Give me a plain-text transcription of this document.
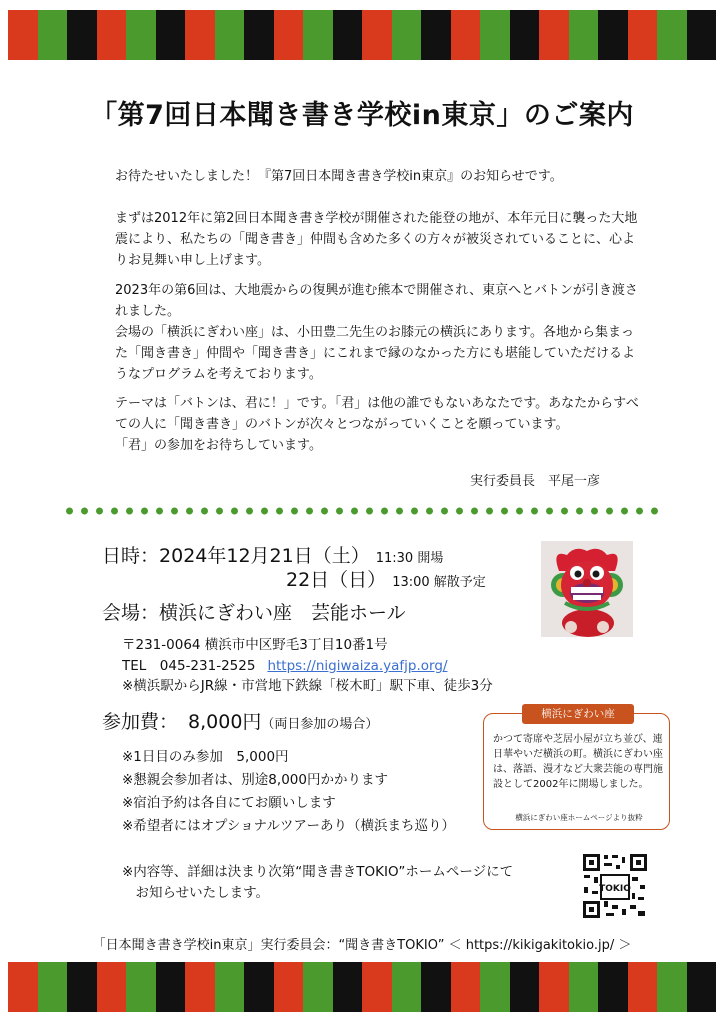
「第7回日本聞き書き学校in東京」のご案内
お待たせいたしました！『第7回日本聞き書き学校in東京』のお知らせです。
まずは2012年に第2回日本聞き書き学校が開催された能登の地が、本年元日に襲った大地震により、私たちの「聞き書き」仲間も含めた多くの方々が被災されていることに、心よりお見舞い申し上げます。
2023年の第6回は、大地震からの復興が進む熊本で開催され、東京へとバトンが引き渡されました。
会場の「横浜にぎわい座」は、小田豊二先生のお膝元の横浜にあります。各地から集まった「聞き書き」仲間や「聞き書き」にこれまで縁のなかった方にも堪能していただけるようなプログラムを考えております。
テーマは「バトンは、君に！」です。「君」は他の誰でもないあなたです。あなたからすべての人に「聞き書き」のバトンが次々とつながっていくことを願っています。
「君」の参加をお待ちしています。
実行委員長　平尾一彦
日時：2024年12月21日（土） 11:30 開場
22日（日） 13:00 解散予定
会場：横浜にぎわい座　芸能ホール
〒231-0064 横浜市中区野毛3丁目10番1号
TEL　045-231-2525 https://nigiwaiza.yafjp.org/
※横浜駅からJR線・市営地下鉄線「桜木町」駅下車、徒歩3分
参加費： 8,000円（両日参加の場合）
※1日目のみ参加　5,000円
※懇親会参加者は、別途8,000円かかります
※宿泊予約は各自にてお願いします
※希望者にはオプショナルツアーあり（横浜まち巡り）
※内容等、詳細は決まり次第“聞き書きTOKIO”ホームページにて
　お知らせいたします。
横浜にぎわい座
かつて寄席や芝居小屋が立ち並び、連日華やいだ横浜の町。横浜にぎわい座は、落語、漫才など大衆芸能の専門施設として2002年に開場しました。
横浜にぎわい座ホームページより抜粋
TOKIO
「日本聞き書き学校in東京」実行委員会：“聞き書きTOKIO” ＜ https://kikigakitokio.jp/ ＞
